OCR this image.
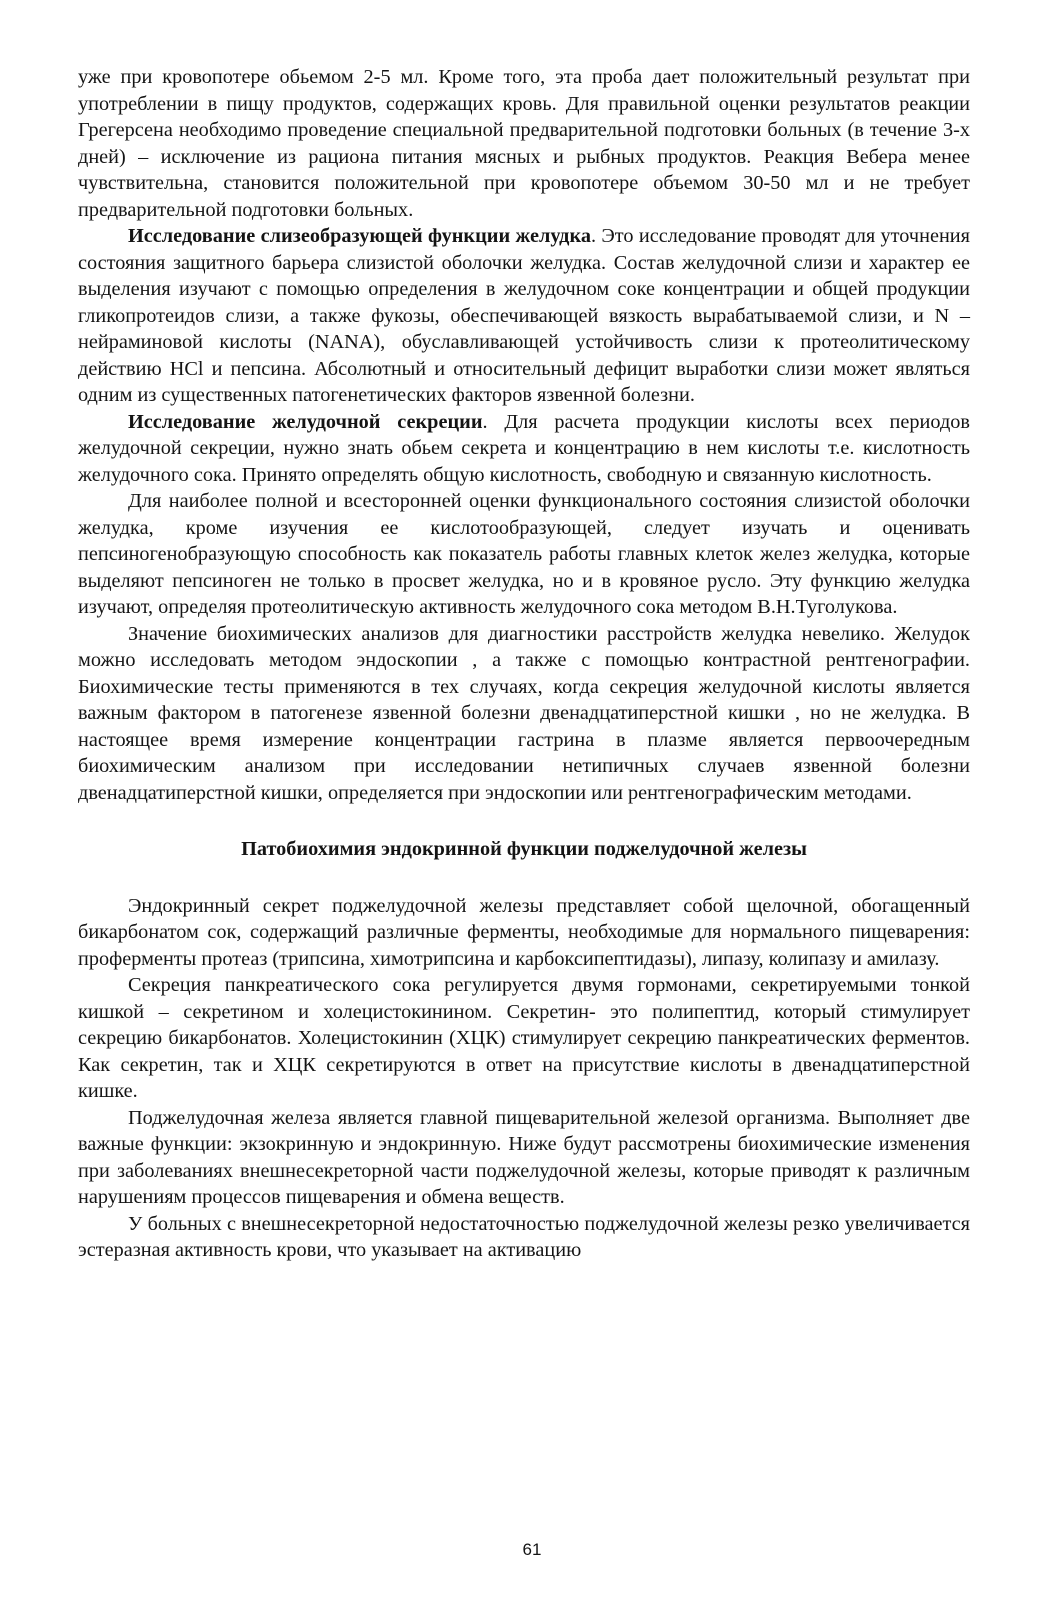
уже при кровопотере обьемом 2-5 мл. Кроме того, эта проба дает положительный результат при употреблении в пищу продуктов, содержащих кровь. Для правильной оценки результатов реакции Грегерсена необходимо проведение специальной предварительной подготовки больных (в течение 3-х дней) – исключение из рациона питания мясных и рыбных продуктов. Реакция Вебера менее чувствительна, становится положительной при кровопотере объемом 30-50 мл и не требует предварительной подготовки больных.

Исследование слизеобразующей функции желудка. Это исследование проводят для уточнения состояния защитного барьера слизистой оболочки желудка. Состав желудочной слизи и характер ее выделения изучают с помощью определения в желудочном соке концентрации и общей продукции гликопротеидов слизи, а также фукозы, обеспечивающей вязкость вырабатываемой слизи, и N – нейраминовой кислоты (NANA), обуславливающей устойчивость слизи к протеолитическому действию HCl и пепсина. Абсолютный и относительный дефицит выработки слизи может являться одним из существенных патогенетических факторов язвенной болезни.

Исследование желудочной секреции. Для расчета продукции кислоты всех периодов желудочной секреции, нужно знать обьем секрета и концентрацию в нем кислоты т.е. кислотность желудочного сока. Принято определять общую кислотность, свободную и связанную кислотность.

Для наиболее полной и всесторонней оценки функционального состояния слизистой оболочки желудка, кроме изучения ее кислотообразующей, следует изучать и оценивать пепсиногенобразующую способность как показатель работы главных клеток желез желудка, которые выделяют пепсиноген не только в просвет желудка, но и в кровяное русло. Эту функцию желудка изучают, определяя протеолитическую активность желудочного сока методом В.Н.Туголукова.

Значение биохимических анализов для диагностики расстройств желудка невелико. Желудок можно исследовать методом эндоскопии , а также с помощью контрастной рентгенографии. Биохимические тесты применяются в тех случаях, когда секреция желудочной кислоты является важным фактором в патогенезе язвенной болезни двенадцатиперстной кишки , но не желудка. В настоящее время измерение концентрации гастрина в плазме является первоочередным биохимическим анализом при исследовании нетипичных случаев язвенной болезни двенадцатиперстной кишки, определяется при эндоскопии или рентгенографическим методами.

Патобиохимия эндокринной функции поджелудочной железы

Эндокринный секрет поджелудочной железы представляет собой щелочной, обогащенный бикарбонатом сок, содержащий различные ферменты, необходимые для нормального пищеварения: проферменты протеаз (трипсина, химотрипсина и карбоксипептидазы), липазу, колипазу и амилазу.

Секреция панкреатического сока регулируется двумя гормонами, секретируемыми тонкой кишкой – секретином и холецистокинином. Секретин- это полипептид, который стимулирует секрецию бикарбонатов. Холецистокинин (ХЦК) стимулирует секрецию панкреатических ферментов. Как секретин, так и ХЦК секретируются в ответ на присутствие кислоты в двенадцатиперстной кишке.

Поджелудочная железа является главной пищеварительной железой организма. Выполняет две важные функции: экзокринную и эндокринную. Ниже будут рассмотрены биохимические изменения при заболеваниях внешнесекреторной части поджелудочной железы, которые приводят к различным нарушениям процессов пищеварения и обмена веществ.

У больных с внешнесекреторной недостаточностью поджелудочной железы резко увеличивается эстеразная активность крови, что указывает на активацию

61
